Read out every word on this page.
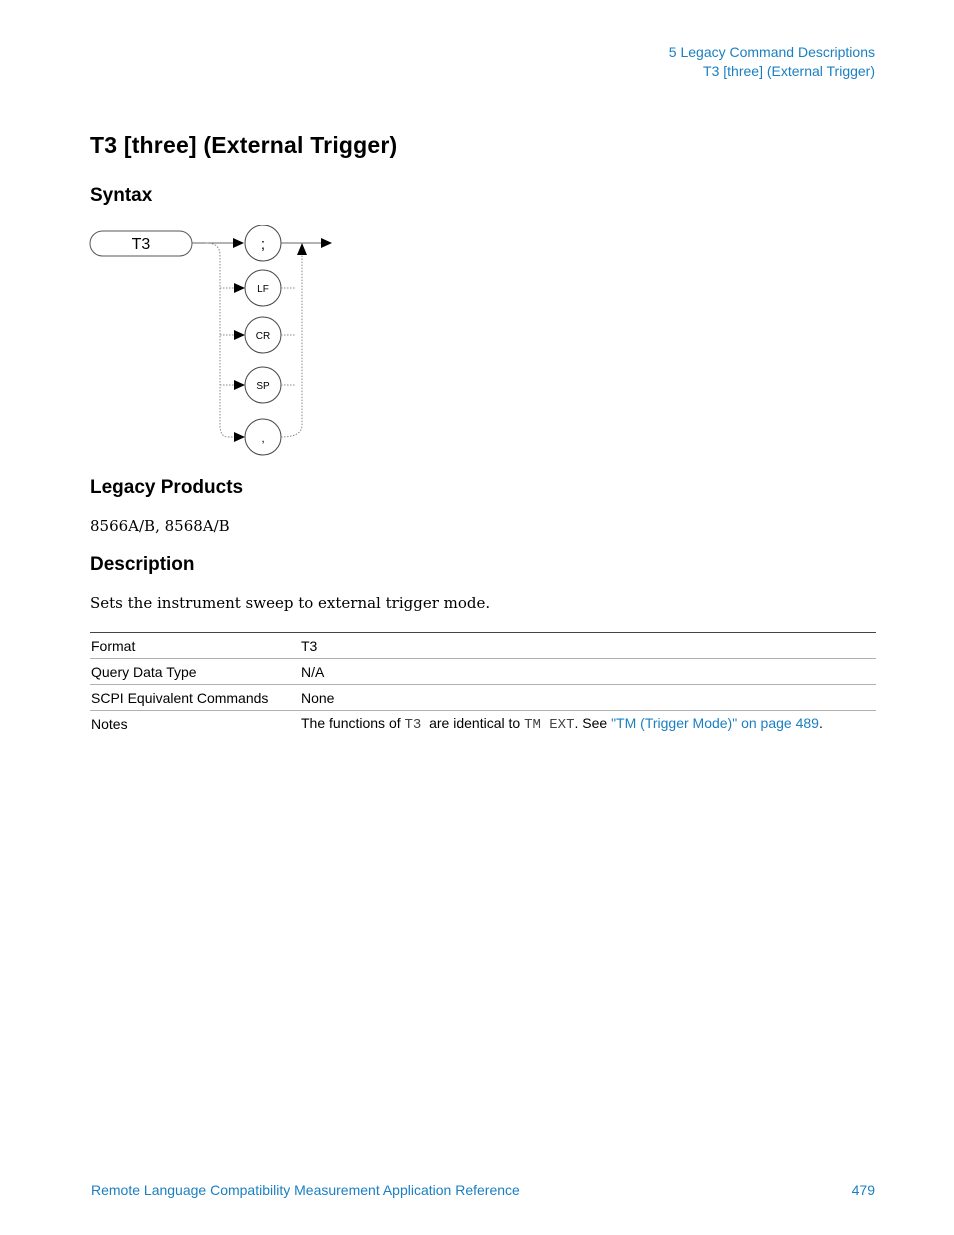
5 Legacy Command Descriptions
T3 [three] (External Trigger)
T3 [three] (External Trigger)
Syntax
T3	;
LF
CR
SP
,
Legacy Products
8566A/B, 8568A/B
Description
Sets the instrument sweep to external trigger mode.
Format	T3
Query Data Type	N/A
SCPI Equivalent Commands	None
Notes	The functions of T3  are identical to TM EXT. See "TM (Trigger Mode)" on page 489.
Remote Language Compatibility Measurement Application Reference	479
